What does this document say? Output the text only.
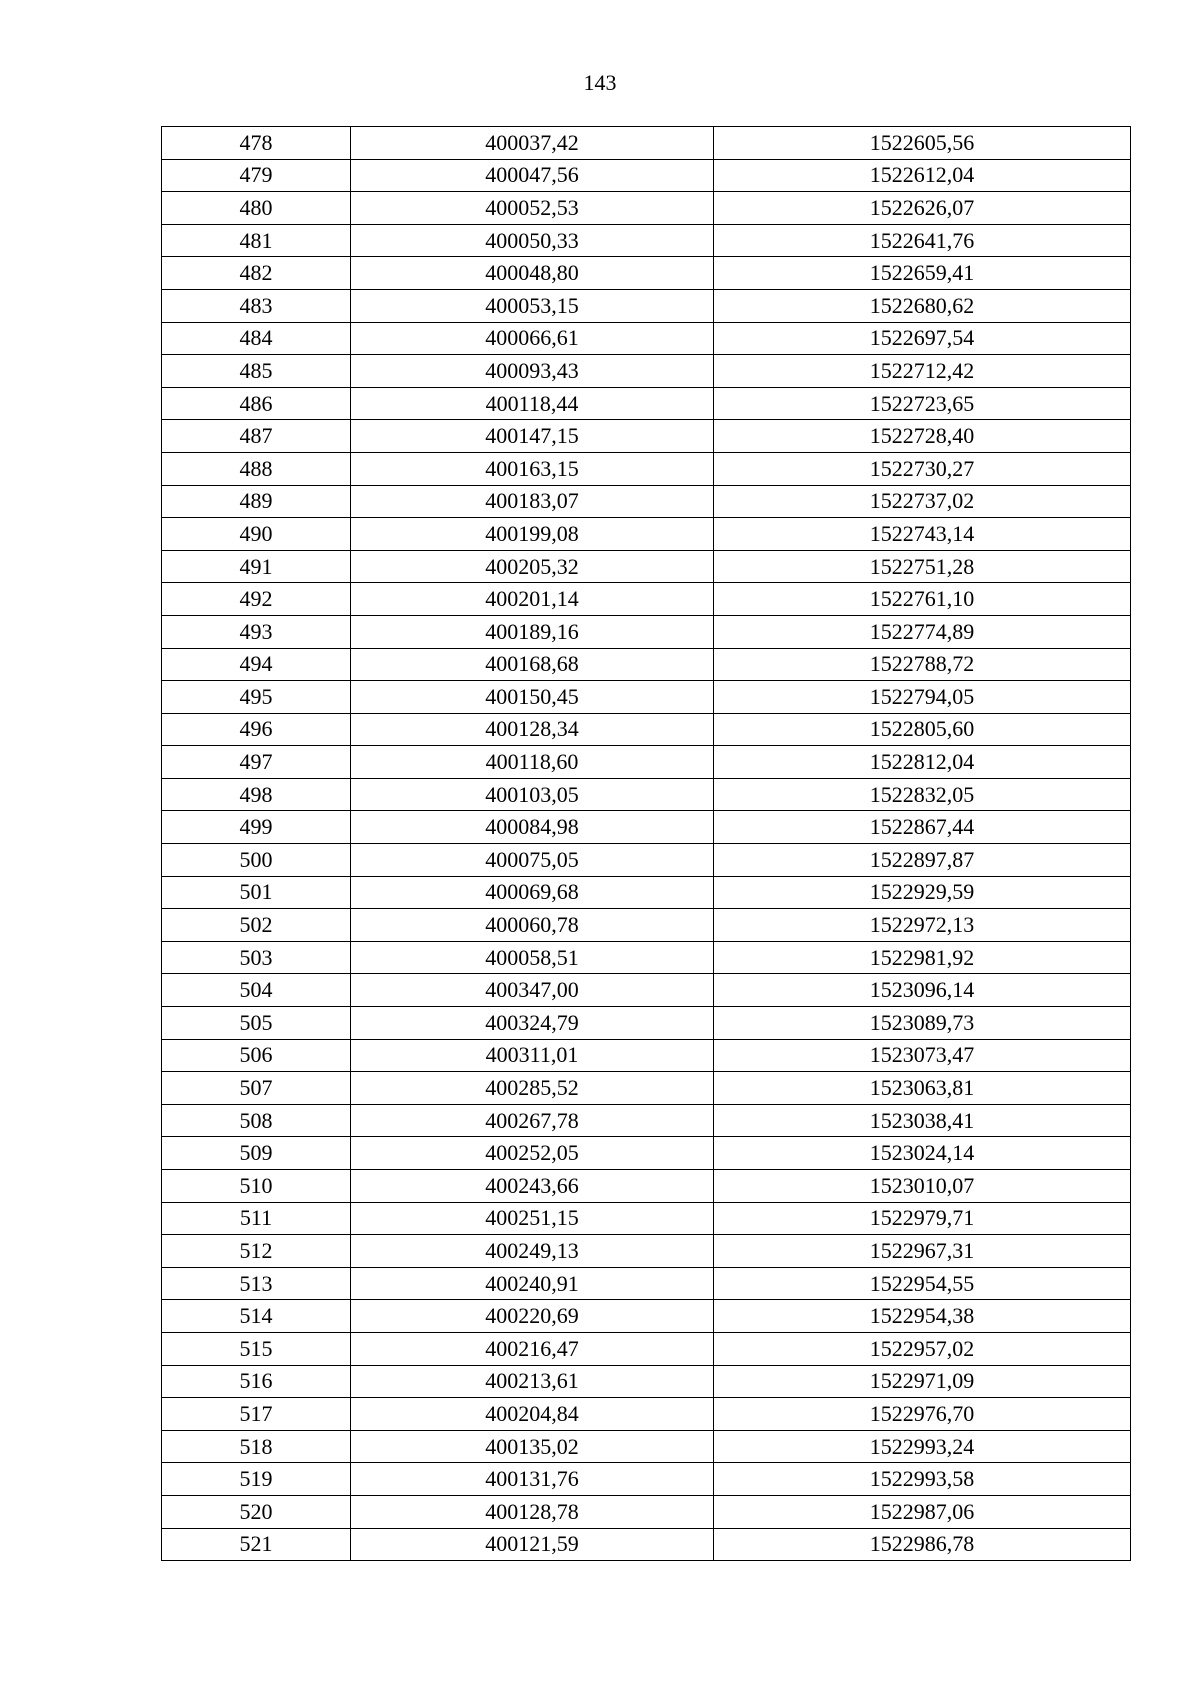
143
478	400037,42	1522605,56
479	400047,56	1522612,04
480	400052,53	1522626,07
481	400050,33	1522641,76
482	400048,80	1522659,41
483	400053,15	1522680,62
484	400066,61	1522697,54
485	400093,43	1522712,42
486	400118,44	1522723,65
487	400147,15	1522728,40
488	400163,15	1522730,27
489	400183,07	1522737,02
490	400199,08	1522743,14
491	400205,32	1522751,28
492	400201,14	1522761,10
493	400189,16	1522774,89
494	400168,68	1522788,72
495	400150,45	1522794,05
496	400128,34	1522805,60
497	400118,60	1522812,04
498	400103,05	1522832,05
499	400084,98	1522867,44
500	400075,05	1522897,87
501	400069,68	1522929,59
502	400060,78	1522972,13
503	400058,51	1522981,92
504	400347,00	1523096,14
505	400324,79	1523089,73
506	400311,01	1523073,47
507	400285,52	1523063,81
508	400267,78	1523038,41
509	400252,05	1523024,14
510	400243,66	1523010,07
511	400251,15	1522979,71
512	400249,13	1522967,31
513	400240,91	1522954,55
514	400220,69	1522954,38
515	400216,47	1522957,02
516	400213,61	1522971,09
517	400204,84	1522976,70
518	400135,02	1522993,24
519	400131,76	1522993,58
520	400128,78	1522987,06
521	400121,59	1522986,78
